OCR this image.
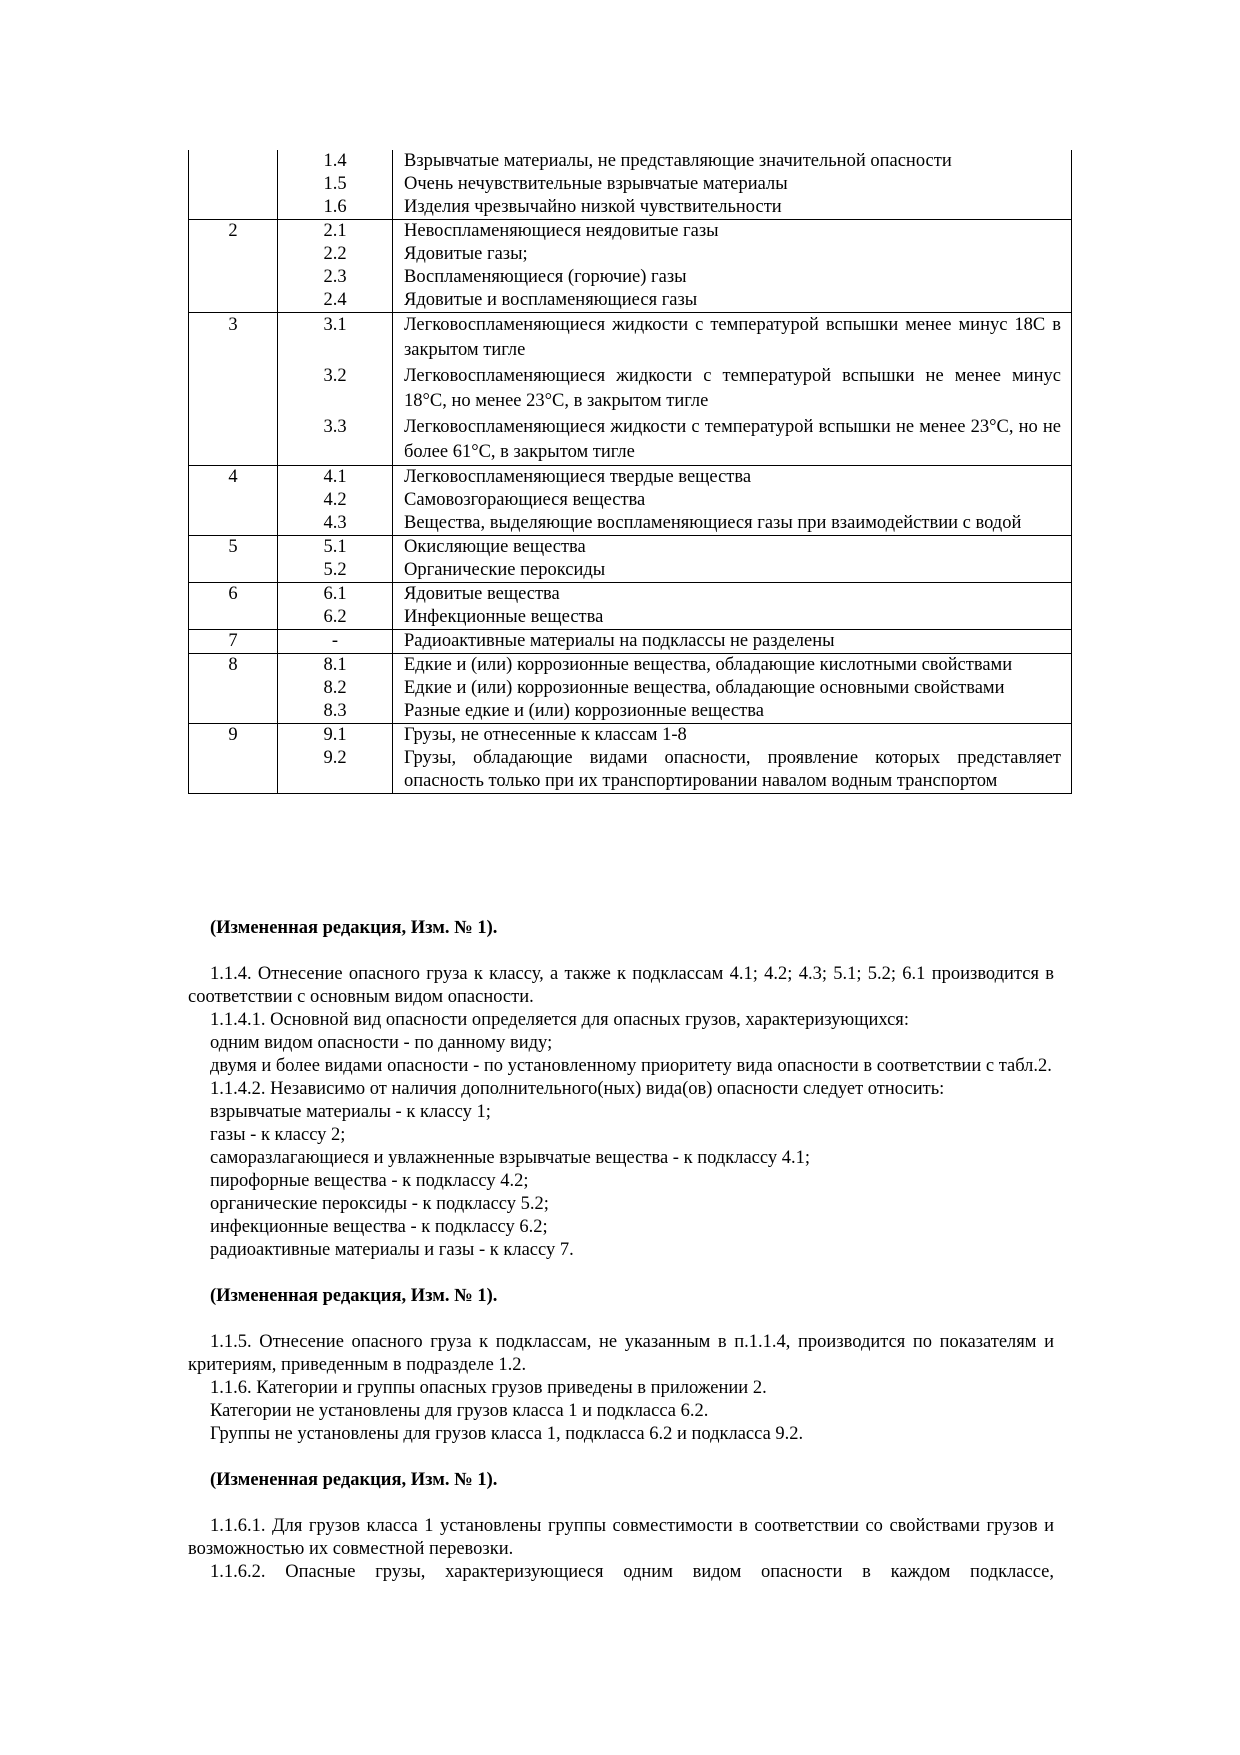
	1.4	Взрывчатые материалы, не представляющие значительной опасности
	1.5	Очень нечувствительные взрывчатые материалы
	1.6	Изделия чрезвычайно низкой чувствительности
2	2.1	Невоспламеняющиеся неядовитые газы
	2.2	Ядовитые газы;
	2.3	Воспламеняющиеся (горючие) газы
	2.4	Ядовитые и воспламеняющиеся газы
3	3.1	Легковоспламеняющиеся жидкости с температурой вспышки менее минус 18С в закрытом тигле
	3.2	Легковоспламеняющиеся жидкости с температурой вспышки не менее минус 18°С, но менее 23°С, в закрытом тигле
	3.3	Легковоспламеняющиеся жидкости с температурой вспышки не менее 23°С, но не более 61°С, в закрытом тигле
4	4.1	Легковоспламеняющиеся твердые вещества
	4.2	Самовозгорающиеся вещества
	4.3	Вещества, выделяющие воспламеняющиеся газы при взаимодействии с водой
5	5.1	Окисляющие вещества
	5.2	Органические пероксиды
6	6.1	Ядовитые вещества
	6.2	Инфекционные вещества
7	-	Радиоактивные материалы на подклассы не разделены
8	8.1	Едкие и (или) коррозионные вещества, обладающие кислотными свойствами
	8.2	Едкие и (или) коррозионные вещества, обладающие основными свойствами
	8.3	Разные едкие и (или) коррозионные вещества
9	9.1	Грузы, не отнесенные к классам 1-8
	9.2	Грузы, обладающие видами опасности, проявление которых представляет опасность только при их транспортировании навалом водным транспортом

(Измененная редакция, Изм. № 1).

1.1.4. Отнесение опасного груза к классу, а также к подклассам 4.1; 4.2; 4.3; 5.1; 5.2; 6.1 производится в соответствии с основным видом опасности.

1.1.4.1. Основной вид опасности определяется для опасных грузов, характеризующихся:

одним видом опасности - по данному виду;

двумя и более видами опасности - по установленному приоритету вида опасности в соответствии с табл.2.

1.1.4.2. Независимо от наличия дополнительного(ных) вида(ов) опасности следует относить:

взрывчатые материалы - к классу 1;

газы - к классу 2;

саморазлагающиеся и увлажненные взрывчатые вещества - к подклассу 4.1;

пирофорные вещества - к подклассу 4.2;

органические пероксиды - к подклассу 5.2;

инфекционные вещества - к подклассу 6.2;

радиоактивные материалы и газы - к классу 7.

(Измененная редакция, Изм. № 1).

1.1.5. Отнесение опасного груза к подклассам, не указанным в п.1.1.4, производится по показателям и критериям, приведенным в подразделе 1.2.

1.1.6. Категории и группы опасных грузов приведены в приложении 2.

Категории не установлены для грузов класса 1 и подкласса 6.2.

Группы не установлены для грузов класса 1, подкласса 6.2 и подкласса 9.2.

(Измененная редакция, Изм. № 1).

1.1.6.1. Для грузов класса 1 установлены группы совместимости в соответствии со свойствами грузов и возможностью их совместной перевозки.

1.1.6.2. Опасные грузы, характеризующиеся одним видом опасности в каждом подклассе,
